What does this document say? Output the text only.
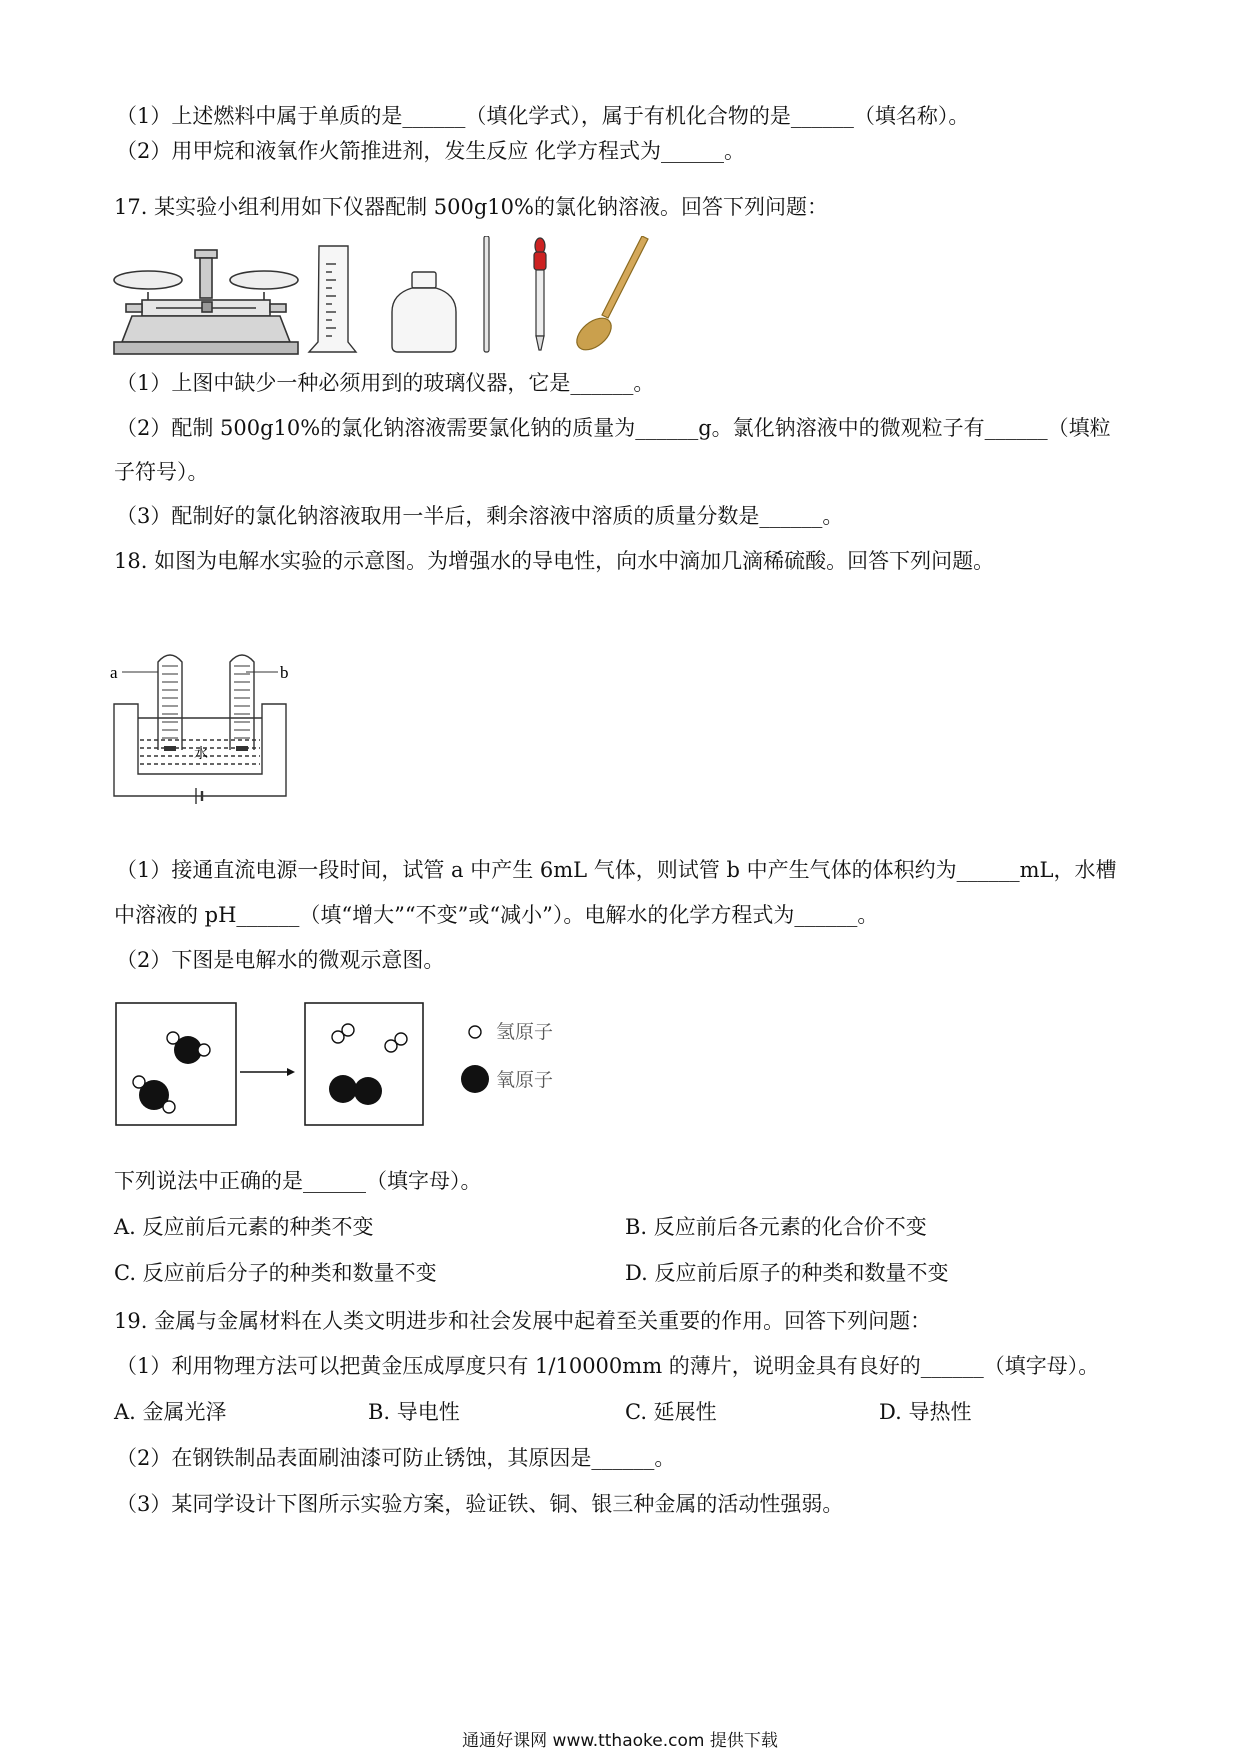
（1）上述燃料中属于单质的是______（填化学式），属于有机化合物的是______（填名称）。
（2）用甲烷和液氧作火箭推进剂，发生反应 化学方程式为______。
17. 某实验小组利用如下仪器配制 500g10%的氯化钠溶液。回答下列问题：
（1）上图中缺少一种必须用到的玻璃仪器，它是______。
（2）配制 500g10%的氯化钠溶液需要氯化钠的质量为______g。氯化钠溶液中的微观粒子有______（填粒
子符号）。
（3）配制好的氯化钠溶液取用一半后，剩余溶液中溶质的质量分数是______。
18. 如图为电解水实验的示意图。为增强水的导电性，向水中滴加几滴稀硫酸。回答下列问题。
a	b
水
（1）接通直流电源一段时间，试管 a 中产生 6mL 气体，则试管 b 中产生气体的体积约为______mL，水槽
中溶液的 pH______（填“增大”“不变”或“减小”）。电解水的化学方程式为______。
（2）下图是电解水的微观示意图。
氢原子
氧原子
下列说法中正确的是______（填字母）。
A. 反应前后元素的种类不变	B. 反应前后各元素的化合价不变
C. 反应前后分子的种类和数量不变	D. 反应前后原子的种类和数量不变
19. 金属与金属材料在人类文明进步和社会发展中起着至关重要的作用。回答下列问题：
（1）利用物理方法可以把黄金压成厚度只有 1/10000mm 的薄片，说明金具有良好的______（填字母）。
A. 金属光泽	B. 导电性	C. 延展性	D. 导热性
（2）在钢铁制品表面刷油漆可防止锈蚀，其原因是______。
（3）某同学设计下图所示实验方案，验证铁、铜、银三种金属的活动性强弱。
通通好课网 www.tthaoke.com 提供下载
